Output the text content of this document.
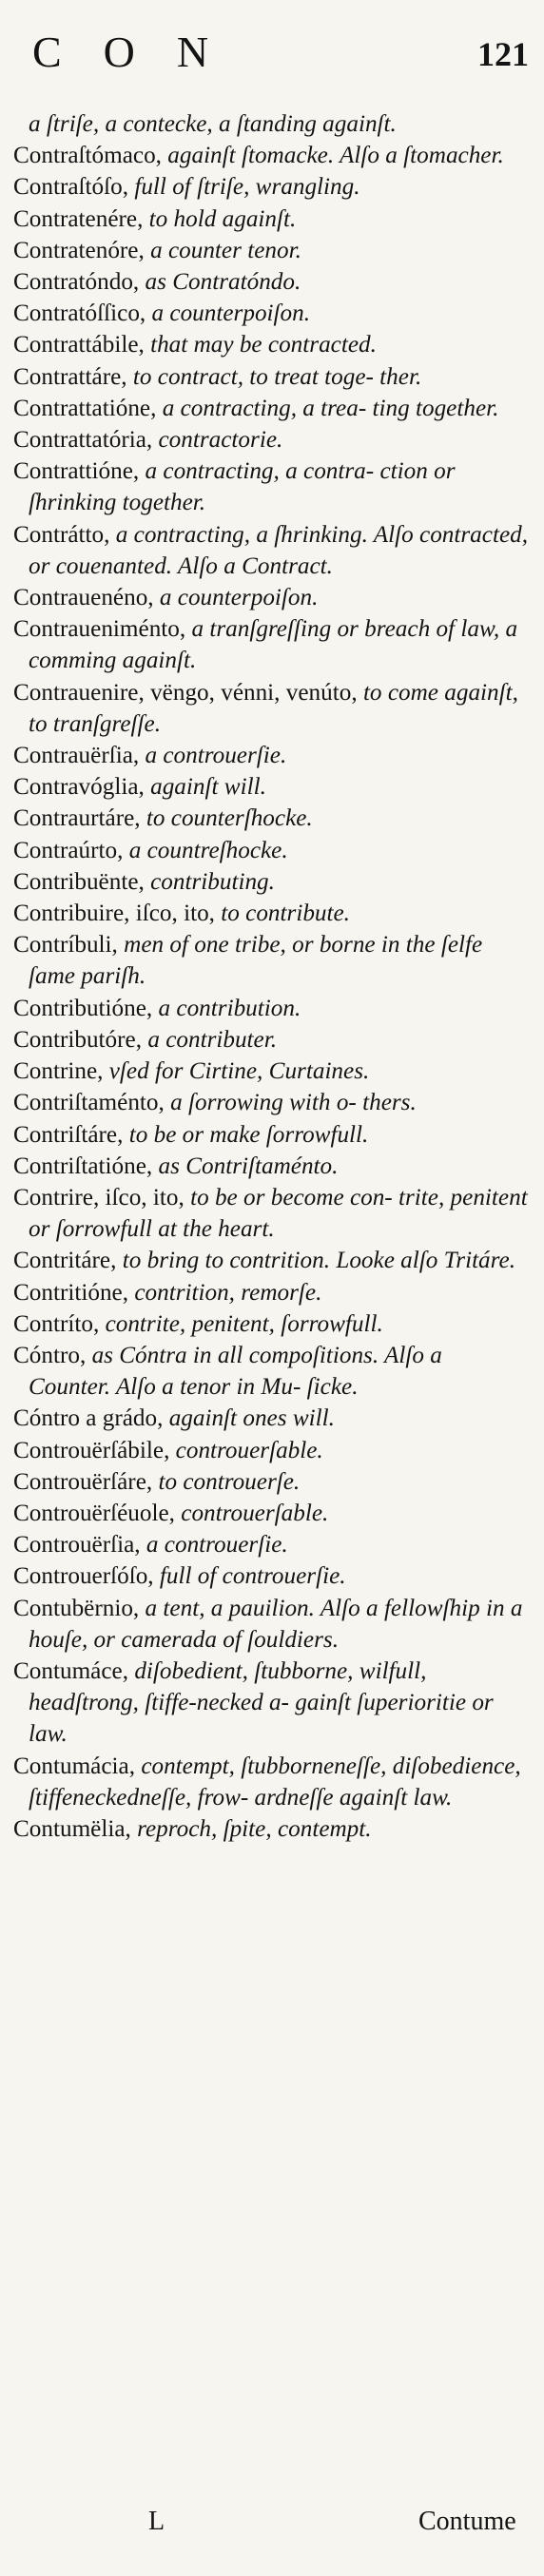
CON	121

a ſtriſe, a contecke, a ſtanding againſt.

Contraſtómaco, againſt ſtomacke. Alſo a ſtomacher.

Contraſtóſo, full of ſtriſe, wrangling.

Contratenére, to hold againſt.

Contratenóre, a counter tenor.

Contratóndo, as Contratóndo.

Contratóſſico, a counterpoiſon.

Contrattábile, that may be contracted.

Contrattáre, to contract, to treat toge- ther.

Contrattatióne, a contracting, a trea- ting together.

Contrattatória, contractorie.

Contrattióne, a contracting, a contra- ction or ſhrinking together.

Contrátto, a contracting, a ſhrinking. Alſo contracted, or couenanted. Alſo a Contract.

Contrauenéno, a counterpoiſon.

Contraueniménto, a tranſgreſſing or breach of law, a comming againſt.

Contrauenire, vëngo, vénni, venúto, to come againſt, to tranſgreſſe.

Contrauërſia, a controuerſie.

Contravóglia, againſt will.

Contraurtáre, to counterſhocke.

Contraúrto, a countreſhocke.

Contribuënte, contributing.

Contribuire, iſco, ito, to contribute.

Contríbuli, men of one tribe, or borne in the ſelfe ſame pariſh.

Contributióne, a contribution.

Contributóre, a contributer.

Contrine, vſed for Cirtine, Curtaines.

Contriſtaménto, a ſorrowing with o- thers.

Contriſtáre, to be or make ſorrowfull.

Contriſtatióne, as Contriſtaménto.

Contrire, iſco, ito, to be or become con- trite, penitent or ſorrowfull at the heart.

Contritáre, to bring to contrition. Looke alſo Tritáre.

Contritióne, contrition, remorſe.

Contríto, contrite, penitent, ſorrowfull.

Cóntro, as Cóntra in all compoſitions. Alſo a Counter. Alſo a tenor in Mu- ſicke.

Cóntro a grádo, againſt ones will.

Controuërſábile, controuerſable.

Controuërſáre, to controuerſe.

Controuërſéuole, controuerſable.

Controuërſia, a controuerſie.

Controuerſóſo, full of controuerſie.

Contubërnio, a tent, a pauilion. Alſo a fellowſhip in a houſe, or camerada of ſouldiers.

Contumáce, diſobedient, ſtubborne, wilfull, headſtrong, ſtiffe-necked a- gainſt ſuperioritie or law.

Contumácia, contempt, ſtubborneneſſe, diſobedience, ſtiffeneckedneſſe, frow- ardneſſe againſt law.

Contumëlia, reproch, ſpite, contempt.

L	Contume
